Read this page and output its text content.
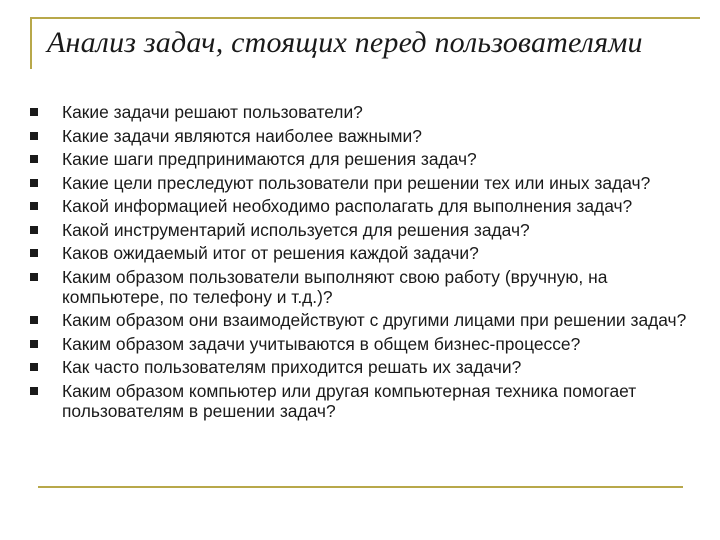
Анализ задач, стоящих перед пользователями
Какие задачи решают пользователи?
Какие задачи являются наиболее важными?
Какие шаги предпринимаются для решения задач?
Какие цели преследуют пользователи при решении тех или иных задач?
Какой информацией необходимо располагать для выполнения задач?
Какой инструментарий используется для решения задач?
Каков ожидаемый итог от решения каждой задачи?
Каким образом пользователи выполняют свою работу (вручную, на компьютере, по телефону и т.д.)?
Каким образом они взаимодействуют с другими лицами при решении задач?
Каким образом задачи учитываются в общем бизнес-процессе?
Как часто пользователям приходится решать их задачи?
Каким образом компьютер или другая компьютерная техника помогает пользователям в решении задач?
